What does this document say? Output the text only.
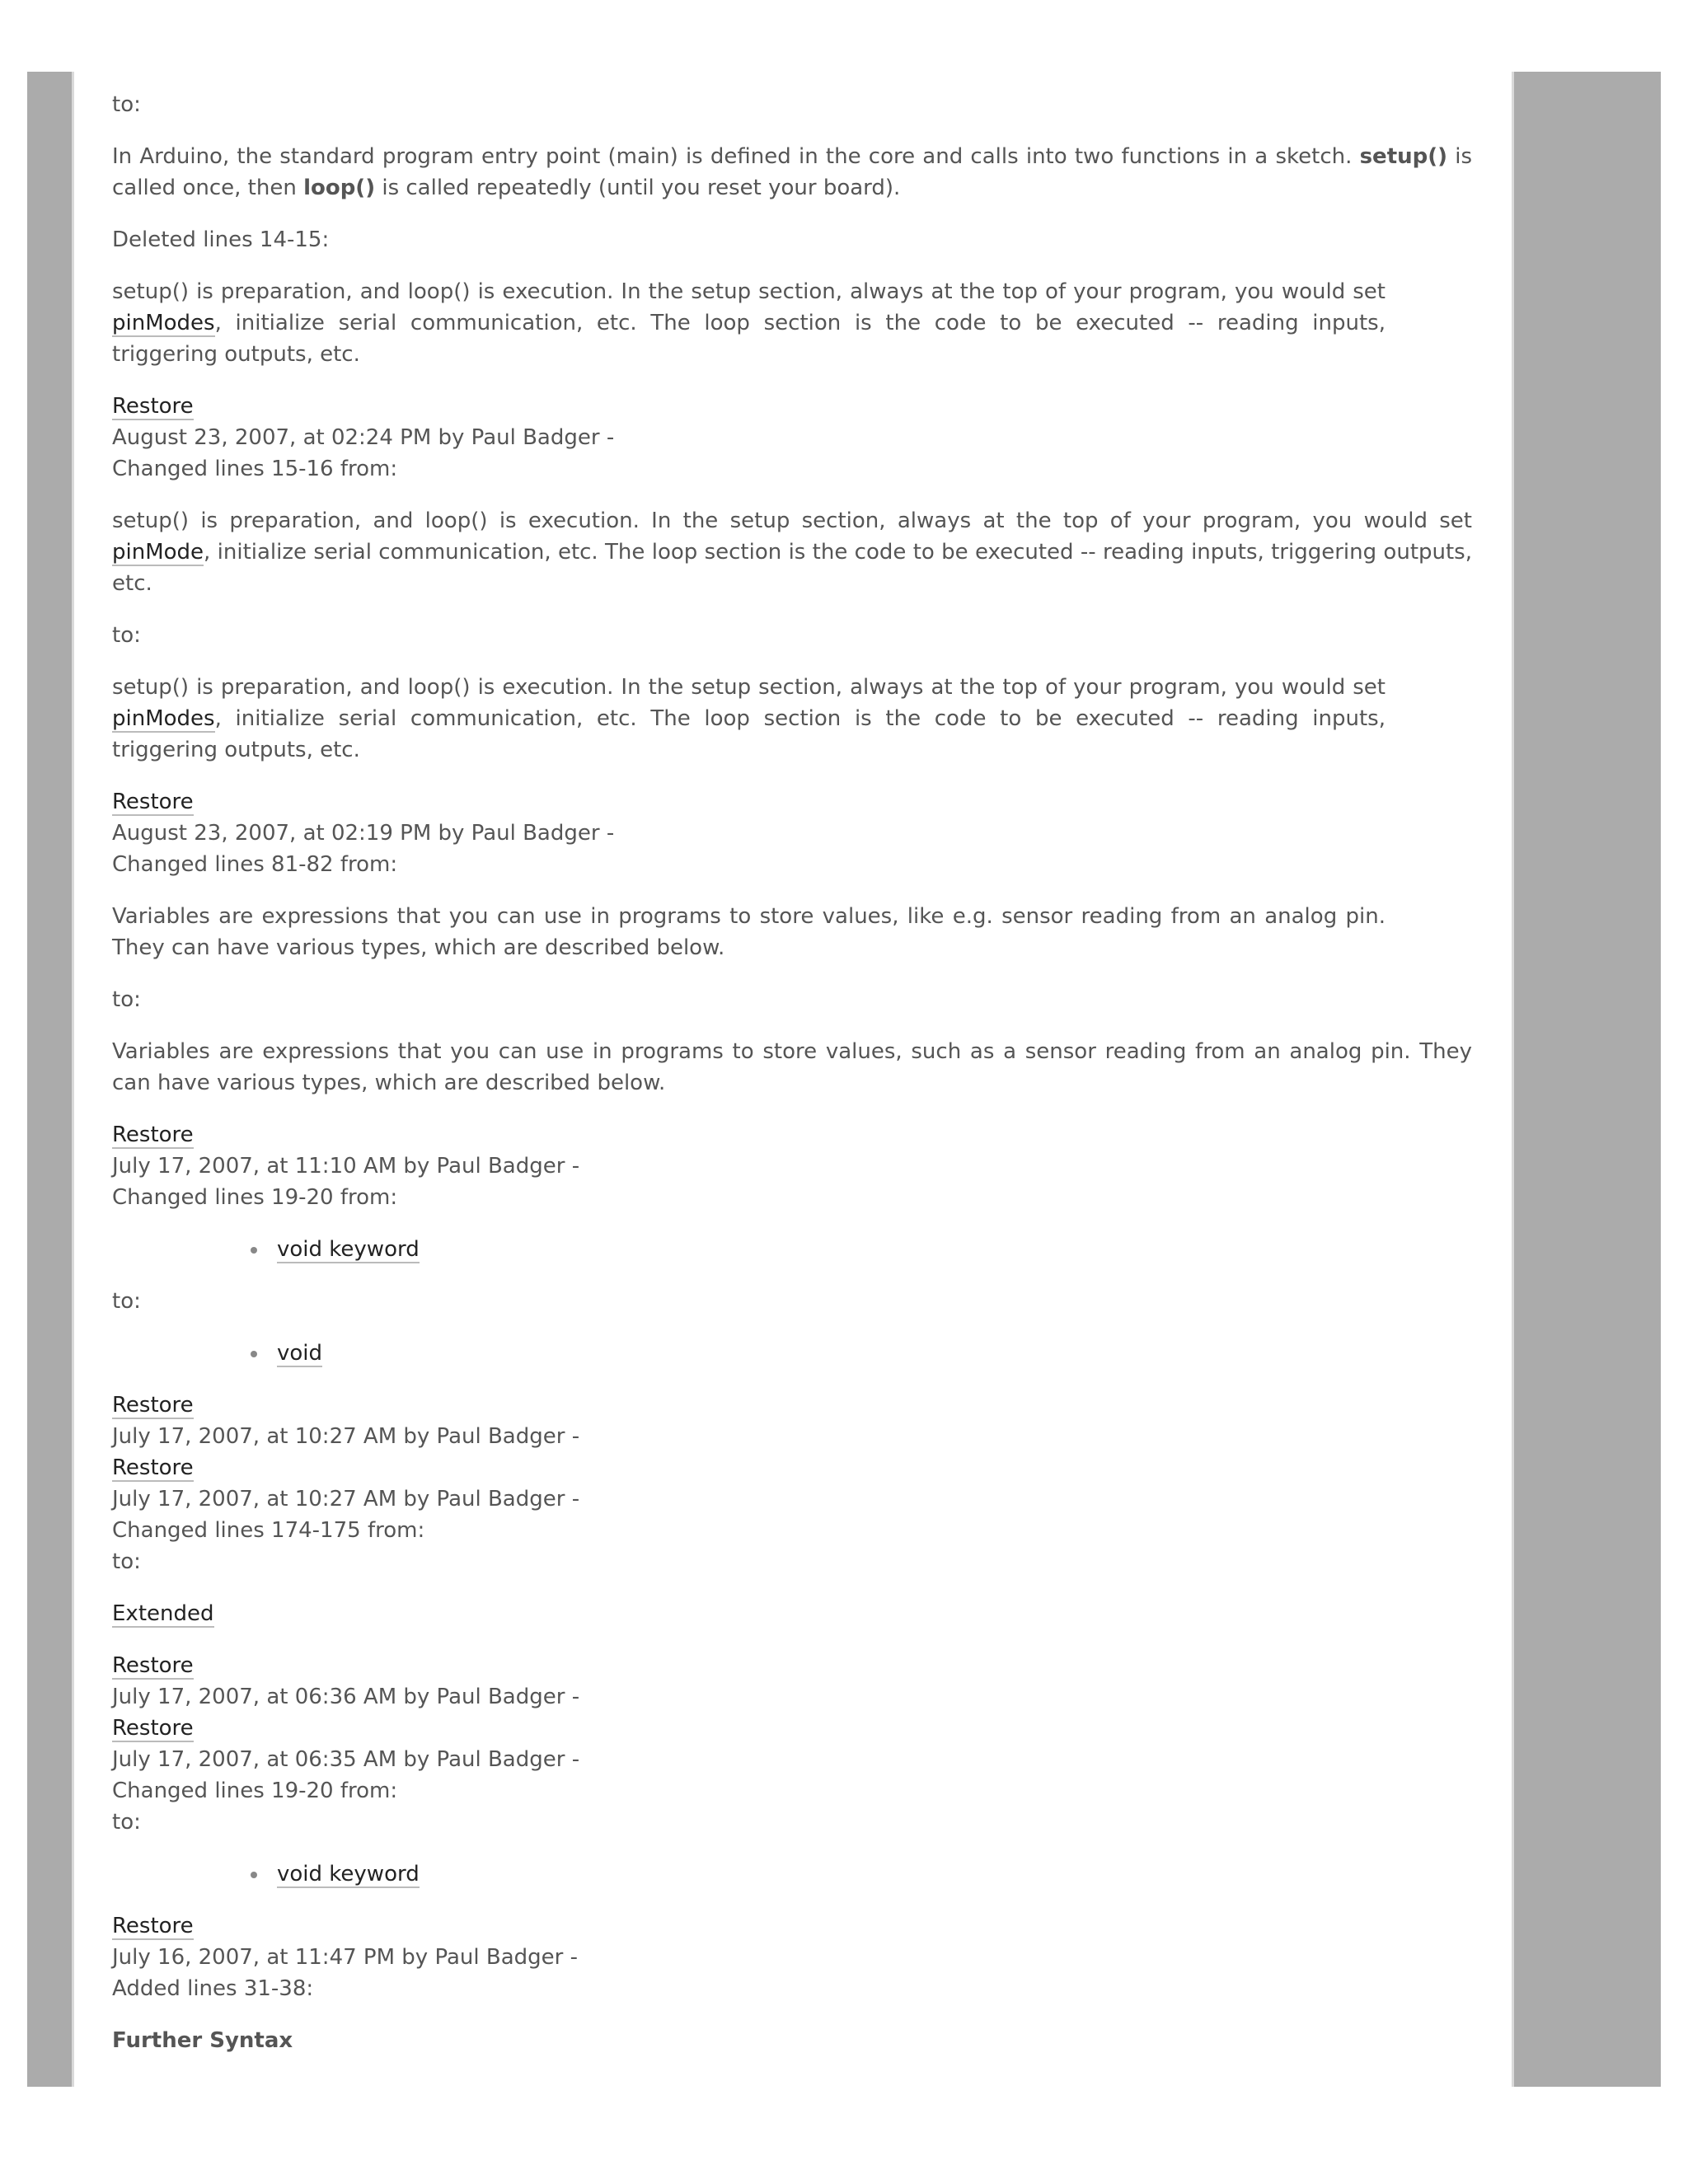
to:

In Arduino, the standard program entry point (main) is defined in the core and calls into two functions in a sketch. setup() is called once, then loop() is called repeatedly (until you reset your board).

Deleted lines 14-15:

setup() is preparation, and loop() is execution. In the setup section, always at the top of your program, you would set pinModes, initialize serial communication, etc. The loop section is the code to be executed -- reading inputs, triggering outputs, etc.

Restore

August 23, 2007, at 02:24 PM by Paul Badger -

Changed lines 15-16 from:

setup() is preparation, and loop() is execution. In the setup section, always at the top of your program, you would set pinMode, initialize serial communication, etc. The loop section is the code to be executed -- reading inputs, triggering outputs, etc.

to:

setup() is preparation, and loop() is execution. In the setup section, always at the top of your program, you would set pinModes, initialize serial communication, etc. The loop section is the code to be executed -- reading inputs, triggering outputs, etc.

Restore

August 23, 2007, at 02:19 PM by Paul Badger -

Changed lines 81-82 from:

Variables are expressions that you can use in programs to store values, like e.g. sensor reading from an analog pin. They can have various types, which are described below.

to:

Variables are expressions that you can use in programs to store values, such as a sensor reading from an analog pin. They can have various types, which are described below.

Restore

July 17, 2007, at 11:10 AM by Paul Badger -

Changed lines 19-20 from:

void keyword

to:

void

Restore

July 17, 2007, at 10:27 AM by Paul Badger -

Restore

July 17, 2007, at 10:27 AM by Paul Badger -

Changed lines 174-175 from:

to:

Extended

Restore

July 17, 2007, at 06:36 AM by Paul Badger -

Restore

July 17, 2007, at 06:35 AM by Paul Badger -

Changed lines 19-20 from:

to:

void keyword

Restore

July 16, 2007, at 11:47 PM by Paul Badger -

Added lines 31-38:

Further Syntax
